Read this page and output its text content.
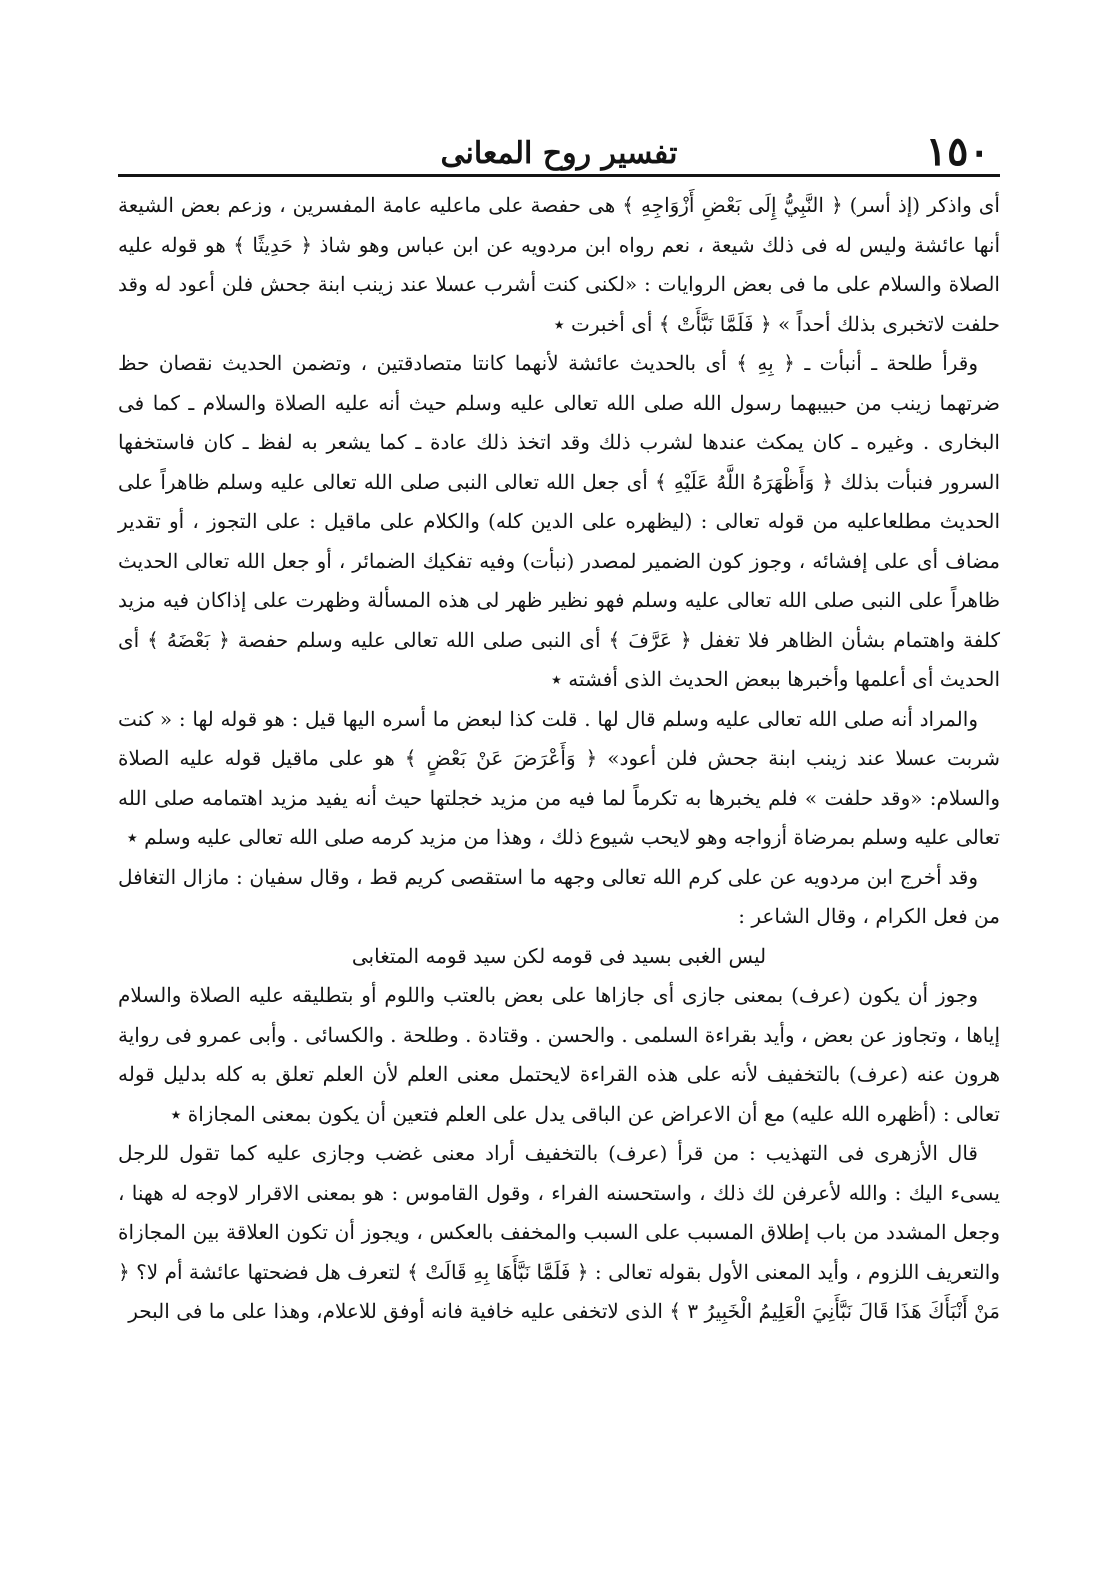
١٥٠
تفسير روح المعانى

أى واذكر (إذ أسر) ﴿ النَّبِيُّ إِلَى بَعْضِ أَزْوَاجِهِ ﴾ هى حفصة على ماعليه عامة المفسرين ، وزعم بعض الشيعة أنها عائشة وليس له فى ذلك شيعة ، نعم رواه ابن مردويه عن ابن عباس وهو شاذ ﴿ حَدِيثًا ﴾ هو قوله عليه الصلاة والسلام على ما فى بعض الروايات : «لكنى كنت أشرب عسلا عند زينب ابنة جحش فلن أعود له وقد حلفت لاتخبرى بذلك أحداً » ﴿ فَلَمَّا نَبَّأَتْ ﴾ أى أخبرت ٭

وقرأ طلحة ـ أنبأت ـ ﴿ بِهِ ﴾ أى بالحديث عائشة لأنهما كانتا متصادقتين ، وتضمن الحديث نقصان حظ ضرتهما زينب من حبيبهما رسول الله صلى الله تعالى عليه وسلم حيث أنه عليه الصلاة والسلام ـ كما فى البخارى . وغيره ـ كان يمكث عندها لشرب ذلك وقد اتخذ ذلك عادة ـ كما يشعر به لفظ ـ كان فاستخفها السرور فنبأت بذلك ﴿ وَأَظْهَرَهُ اللَّهُ عَلَيْهِ ﴾ أى جعل الله تعالى النبى صلى الله تعالى عليه وسلم ظاهراً على الحديث مطلعاعليه من قوله تعالى : (ليظهره على الدين كله) والكلام على ماقيل : على التجوز ، أو تقدير مضاف أى على إفشائه ، وجوز كون الضمير لمصدر (نبأت) وفيه تفكيك الضمائر ، أو جعل الله تعالى الحديث ظاهراً على النبى صلى الله تعالى عليه وسلم فهو نظير ظهر لى هذه المسألة وظهرت على إذاكان فيه مزيد كلفة واهتمام بشأن الظاهر فلا تغفل ﴿ عَرَّفَ ﴾ أى النبى صلى الله تعالى عليه وسلم حفصة ﴿ بَعْضَهُ ﴾ أى الحديث أى أعلمها وأخبرها ببعض الحديث الذى أفشته ٭

والمراد أنه صلى الله تعالى عليه وسلم قال لها . قلت كذا لبعض ما أسره اليها قيل : هو قوله لها : « كنت شربت عسلا عند زينب ابنة جحش فلن أعود» ﴿ وَأَعْرَضَ عَنْ بَعْضٍ ﴾ هو على ماقيل قوله عليه الصلاة والسلام: «وقد حلفت » فلم يخبرها به تكرماً لما فيه من مزيد خجلتها حيث أنه يفيد مزيد اهتمامه صلى الله تعالى عليه وسلم بمرضاة أزواجه وهو لايحب شيوع ذلك ، وهذا من مزيد كرمه صلى الله تعالى عليه وسلم ٭

وقد أخرج ابن مردويه عن على كرم الله تعالى وجهه ما استقصى كريم قط ، وقال سفيان : مازال التغافل من فعل الكرام ، وقال الشاعر :

ليس الغبى بسيد فى قومه لكن سيد قومه المتغابى

وجوز أن يكون (عرف) بمعنى جازى أى جازاها على بعض بالعتب واللوم أو بتطليقه عليه الصلاة والسلام إياها ، وتجاوز عن بعض ، وأيد بقراءة السلمى . والحسن . وقتادة . وطلحة . والكسائى . وأبى عمرو فى رواية هرون عنه (عرف) بالتخفيف لأنه على هذه القراءة لايحتمل معنى العلم لأن العلم تعلق به كله بدليل قوله تعالى : (أظهره الله عليه) مع أن الاعراض عن الباقى يدل على العلم فتعين أن يكون بمعنى المجازاة ٭

قال الأزهرى فى التهذيب : من قرأ (عرف) بالتخفيف أراد معنى غضب وجازى عليه كما تقول للرجل يسىء اليك : والله لأعرفن لك ذلك ، واستحسنه الفراء ، وقول القاموس : هو بمعنى الاقرار لاوجه له ههنا ، وجعل المشدد من باب إطلاق المسبب على السبب والمخفف بالعكس ، ويجوز أن تكون العلاقة بين المجازاة والتعريف اللزوم ، وأيد المعنى الأول بقوله تعالى : ﴿ فَلَمَّا نَبَّأَهَا بِهِ قَالَتْ ﴾ لتعرف هل فضحتها عائشة أم لا؟ ﴿ مَنْ أَنْبَأَكَ هَذَا قَالَ نَبَّأَنِيَ الْعَلِيمُ الْخَبِيرُ ٣ ﴾ الذى لاتخفى عليه خافية فانه أوفق للاعلام، وهذا على ما فى البحر
